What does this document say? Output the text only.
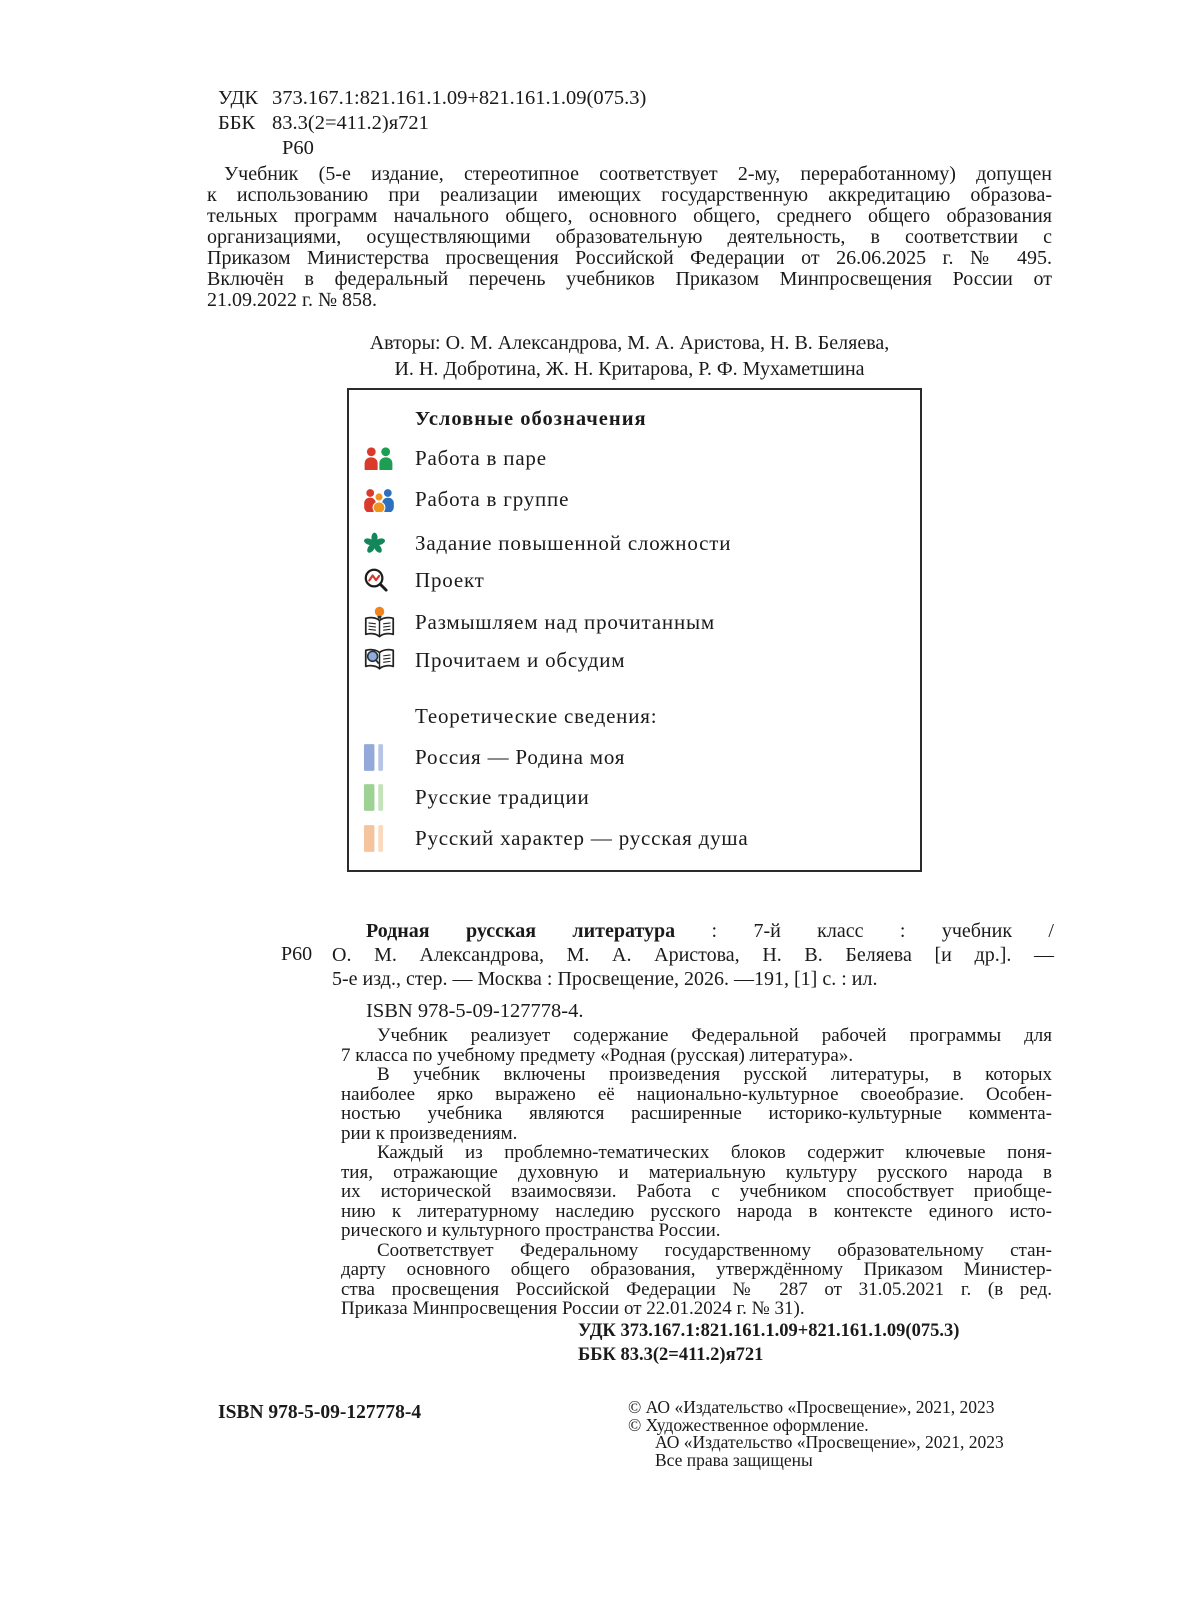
УДК 373.167.1:821.161.1.09+821.161.1.09(075.3)
ББК 83.3(2=411.2)я721
Р60
Учебник (5-е издание, стереотипное соответствует 2-му, переработанному) допущен
к использованию при реализации имеющих государственную аккредитацию образова-
тельных программ начального общего, основного общего, среднего общего образования
организациями, осуществляющими образовательную деятельность, в соответствии с
Приказом Министерства просвещения Российской Федерации от 26.06.2025 г. № 495.
Включён в федеральный перечень учебников Приказом Минпросвещения России от
21.09.2022 г. № 858.
Авторы: О. М. Александрова, М. А. Аристова, Н. В. Беляева,
И. Н. Добротина, Ж. Н. Критарова, Р. Ф. Мухаметшина
Условные обозначения
Работа в паре
Работа в группе
Задание повышенной сложности
Проект
Размышляем над прочитанным
Прочитаем и обсудим
Теоретические сведения:
Россия — Родина моя
Русские традиции
Русский характер — русская душа
Р60
Родная русская литература : 7-й класс : учебник /
О. М. Александрова, М. А. Аристова, Н. В. Беляева [и др.]. —
5-е изд., стер. — Москва : Просвещение, 2026. —191, [1] с. : ил.
ISBN 978-5-09-127778-4.
Учебник реализует содержание Федеральной рабочей программы для
7 класса по учебному предмету «Родная (русская) литература».
В учебник включены произведения русской литературы, в которых
наиболее ярко выражено её национально-культурное своеобразие. Особен-
ностью учебника являются расширенные историко-культурные коммента-
рии к произведениям.
Каждый из проблемно-тематических блоков содержит ключевые поня-
тия, отражающие духовную и материальную культуру русского народа в
их исторической взаимосвязи. Работа с учебником способствует приобще-
нию к литературному наследию русского народа в контексте единого исто-
рического и культурного пространства России.
Соответствует Федеральному государственному образовательному стан-
дарту основного общего образования, утверждённому Приказом Министер-
ства просвещения Российской Федерации № 287 от 31.05.2021 г. (в ред.
Приказа Минпросвещения России от 22.01.2024 г. № 31).
УДК 373.167.1:821.161.1.09+821.161.1.09(075.3)
ББК 83.3(2=411.2)я721
ISBN 978-5-09-127778-4	© АО «Издательство «Просвещение», 2021, 2023
© Художественное оформление.
АО «Издательство «Просвещение», 2021, 2023
Все права защищены
